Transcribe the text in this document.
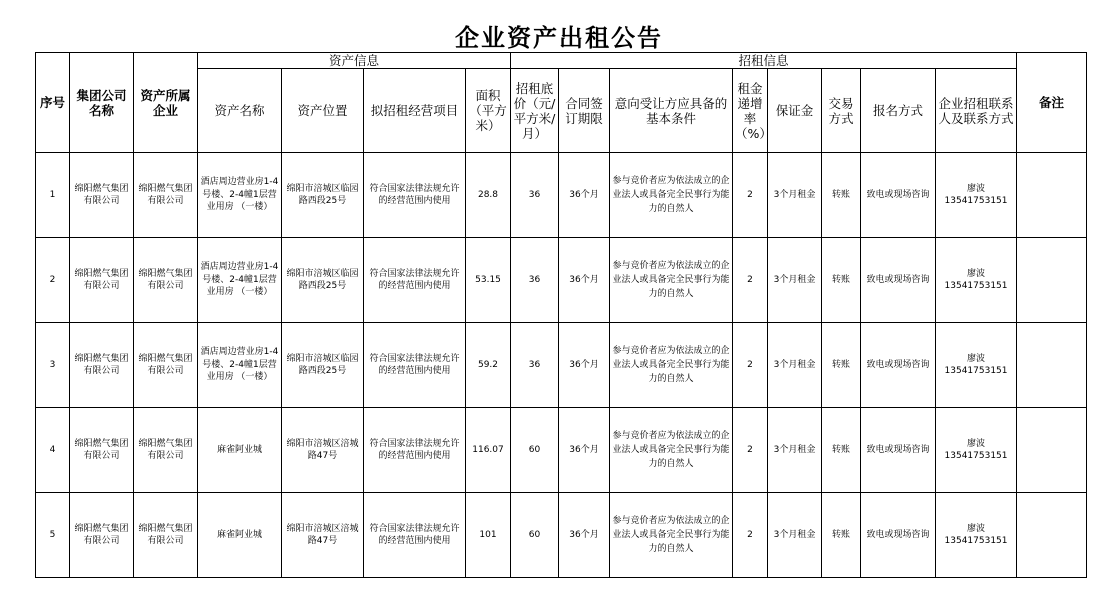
企业资产出租公告
序号	集团公司名称	资产所属企业	资产信息				招租信息								备注
			资产名称	资产位置	拟招租经营项目	面积（平方米）	招租底价（元/平方米/月）	合同签订期限	意向受让方应具备的基本条件	租金递增率（%）	保证金	交易方式	报名方式	企业招租联系人及联系方式	
1	绵阳燃气集团有限公司	绵阳燃气集团有限公司	酒店周边营业房1-4号楼、2-4幢1层营业用房 （一楼）	绵阳市涪城区临园路西段25号	符合国家法律法规允许的经营范围内使用	28.8	36	36个月	参与竞价者应为依法成立的企业法人或具备完全民事行为能力的自然人	2	3个月租金	转账	致电或现场咨询	廖波13541753151	
2	绵阳燃气集团有限公司	绵阳燃气集团有限公司	酒店周边营业房1-4号楼、2-4幢1层营业用房 （一楼）	绵阳市涪城区临园路西段25号	符合国家法律法规允许的经营范围内使用	53.15	36	36个月	参与竞价者应为依法成立的企业法人或具备完全民事行为能力的自然人	2	3个月租金	转账	致电或现场咨询	廖波13541753151	
3	绵阳燃气集团有限公司	绵阳燃气集团有限公司	酒店周边营业房1-4号楼、2-4幢1层营业用房 （一楼）	绵阳市涪城区临园路西段25号	符合国家法律法规允许的经营范围内使用	59.2	36	36个月	参与竞价者应为依法成立的企业法人或具备完全民事行为能力的自然人	2	3个月租金	转账	致电或现场咨询	廖波13541753151	
4	绵阳燃气集团有限公司	绵阳燃气集团有限公司	麻雀阿业城	绵阳市涪城区涪城路47号	符合国家法律法规允许的经营范围内使用	116.07	60	36个月	参与竞价者应为依法成立的企业法人或具备完全民事行为能力的自然人	2	3个月租金	转账	致电或现场咨询	廖波13541753151	
5	绵阳燃气集团有限公司	绵阳燃气集团有限公司	麻雀阿业城	绵阳市涪城区涪城路47号	符合国家法律法规允许的经营范围内使用	101	60	36个月	参与竞价者应为依法成立的企业法人或具备完全民事行为能力的自然人	2	3个月租金	转账	致电或现场咨询	廖波13541753151	
